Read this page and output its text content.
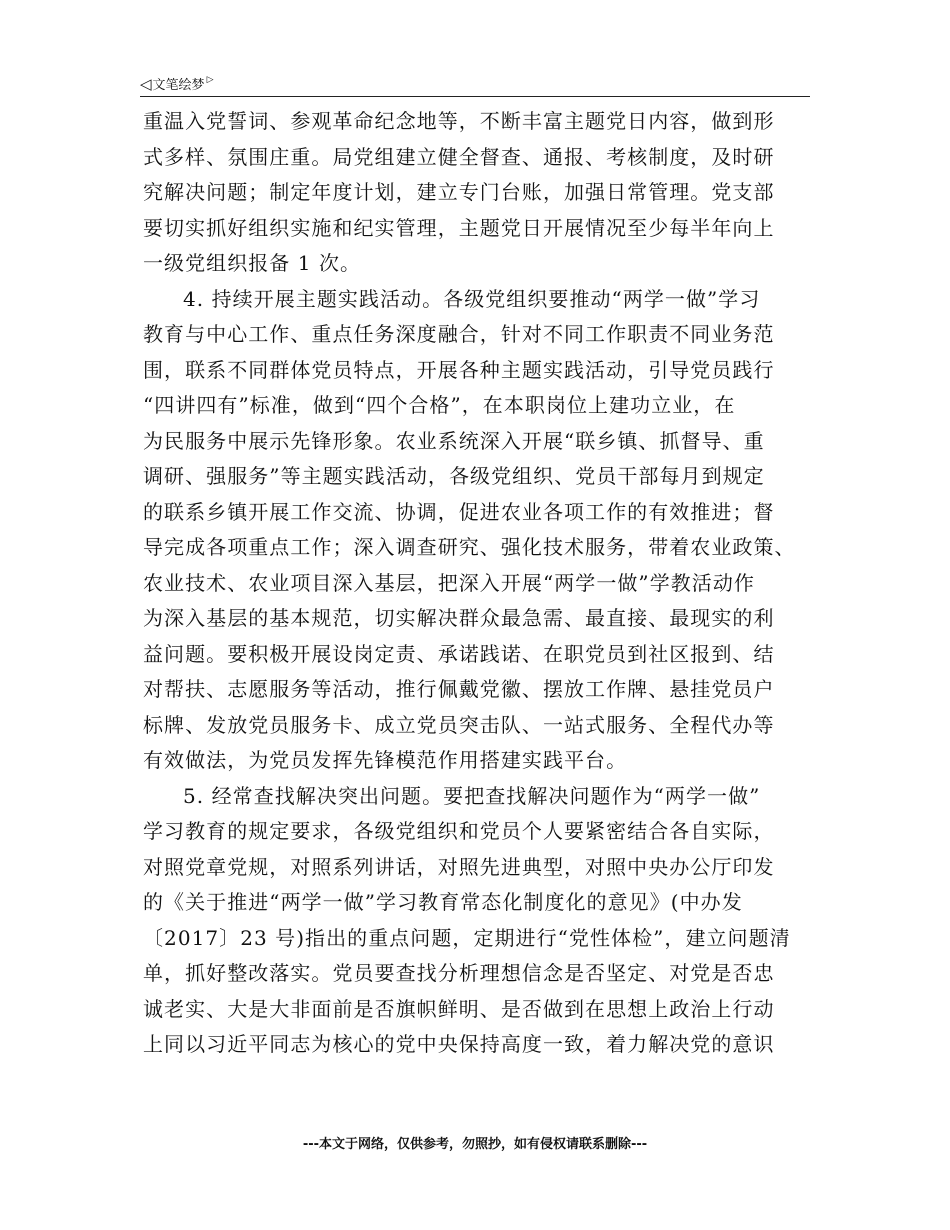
◁ 文笔绘梦 ▷

重温入党誓词、参观革命纪念地等，不断丰富主题党日内容，做到形
式多样、氛围庄重。局党组建立健全督查、通报、考核制度，及时研
究解决问题；制定年度计划，建立专门台账，加强日常管理。党支部
要切实抓好组织实施和纪实管理，主题党日开展情况至少每半年向上
一级党组织报备 1 次。

4. 持续开展主题实践活动。各级党组织要推动“两学一做”学习
教育与中心工作、重点任务深度融合，针对不同工作职责不同业务范
围，联系不同群体党员特点，开展各种主题实践活动，引导党员践行
“四讲四有”标准，做到“四个合格”，在本职岗位上建功立业，在
为民服务中展示先锋形象。农业系统深入开展“联乡镇、抓督导、重
调研、强服务”等主题实践活动，各级党组织、党员干部每月到规定
的联系乡镇开展工作交流、协调，促进农业各项工作的有效推进；督
导完成各项重点工作；深入调查研究、强化技术服务，带着农业政策、
农业技术、农业项目深入基层，把深入开展“两学一做”学教活动作
为深入基层的基本规范，切实解决群众最急需、最直接、最现实的利
益问题。要积极开展设岗定责、承诺践诺、在职党员到社区报到、结
对帮扶、志愿服务等活动，推行佩戴党徽、摆放工作牌、悬挂党员户
标牌、发放党员服务卡、成立党员突击队、一站式服务、全程代办等
有效做法，为党员发挥先锋模范作用搭建实践平台。

5. 经常查找解决突出问题。要把查找解决问题作为“两学一做”
学习教育的规定要求，各级党组织和党员个人要紧密结合各自实际，
对照党章党规，对照系列讲话，对照先进典型，对照中央办公厅印发
的《关于推进“两学一做”学习教育常态化制度化的意见》(中办发
〔2017〕23 号)指出的重点问题，定期进行“党性体检”，建立问题清
单，抓好整改落实。党员要查找分析理想信念是否坚定、对党是否忠
诚老实、大是大非面前是否旗帜鲜明、是否做到在思想上政治上行动
上同以习近平同志为核心的党中央保持高度一致，着力解决党的意识

---本文于网络，仅供参考，勿照抄，如有侵权请联系删除---
